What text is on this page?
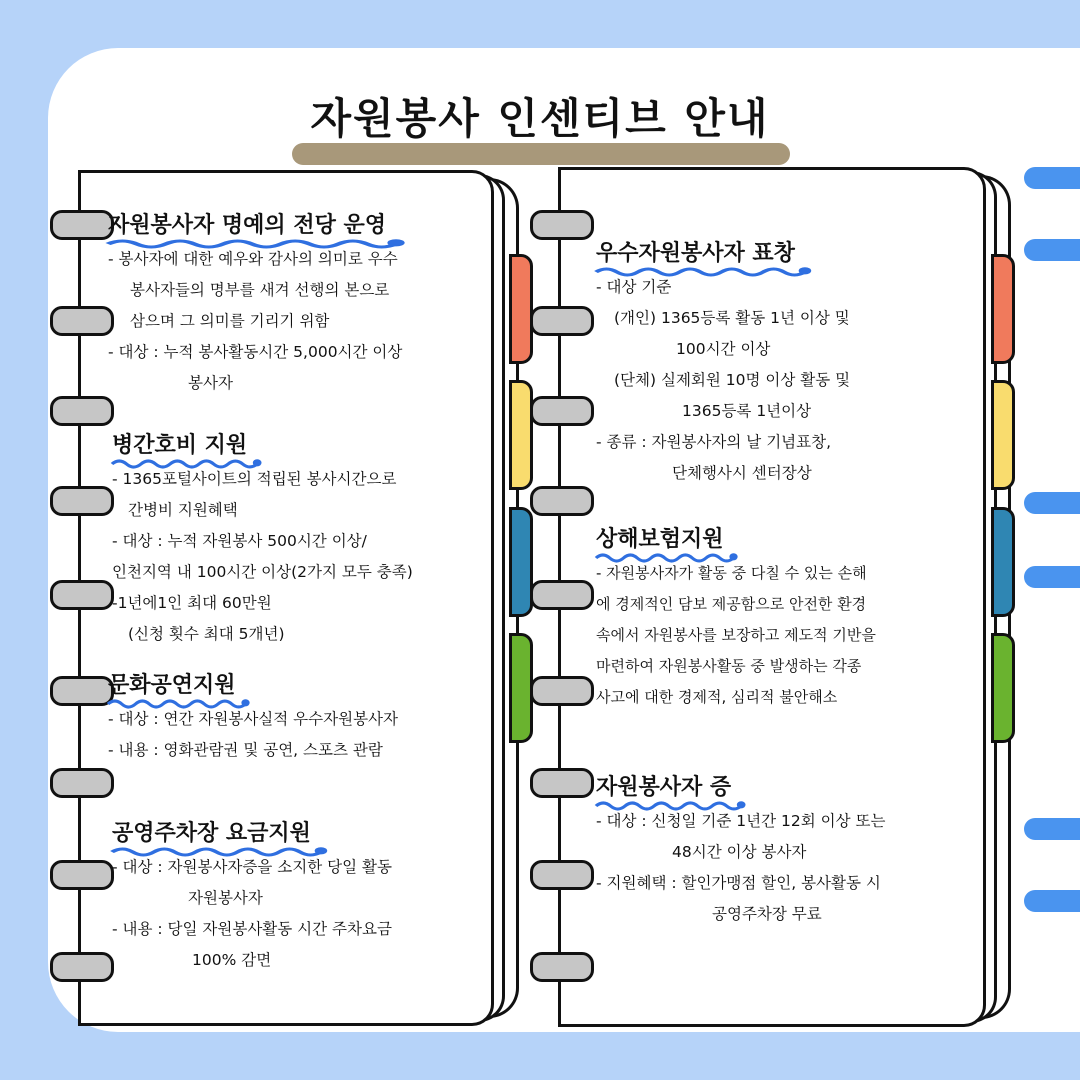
자원봉사 인센티브 안내
자원봉사자 명예의 전당 운영
- 봉사자에 대한 예우와 감사의 의미로 우수
봉사자들의 명부를 새겨 선행의 본으로
삼으며 그 의미를 기리기 위함
- 대상 : 누적 봉사활동시간 5,000시간 이상
봉사자
병간호비 지원
- 1365포털사이트의 적립된 봉사시간으로
간병비 지원혜택
- 대상 : 누적 자원봉사 500시간 이상/
인천지역 내 100시간 이상(2가지 모두 충족)
-1년에1인 최대 60만원
(신청 횟수 최대 5개년)
문화공연지원
- 대상 : 연간 자원봉사실적 우수자원봉사자
- 내용 : 영화관람권 및 공연, 스포츠 관람
공영주차장 요금지원
- 대상 : 자원봉사자증을 소지한 당일 활동
자원봉사자
- 내용 : 당일 자원봉사활동 시간 주차요금
100% 감면
우수자원봉사자 표창
- 대상 기준
(개인) 1365등록 활동 1년 이상 및
100시간 이상
(단체) 실제회원 10명 이상 활동 및
1365등록 1년이상
- 종류 : 자원봉사자의 날 기념표창,
단체행사시 센터장상
상해보험지원
- 자원봉사자가 활동 중 다칠 수 있는 손해
에 경제적인 담보 제공함으로 안전한 환경
속에서 자원봉사를 보장하고 제도적 기반을
마련하여 자원봉사활동 중 발생하는 각종
사고에 대한 경제적, 심리적 불안해소
자원봉사자 증
- 대상 : 신청일 기준 1년간 12회 이상 또는
48시간 이상 봉사자
- 지원혜택 : 할인가맹점 할인, 봉사활동 시
공영주차장 무료
